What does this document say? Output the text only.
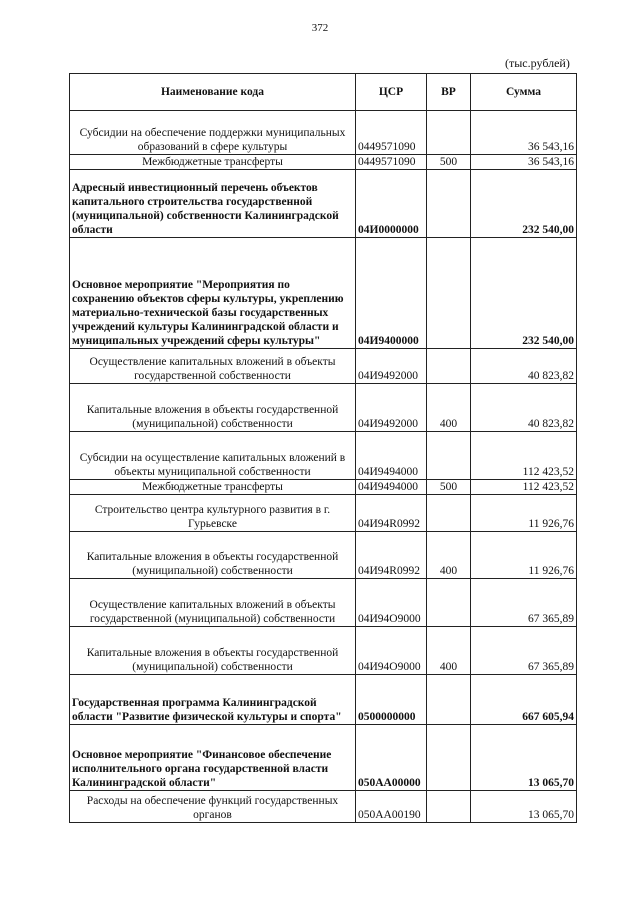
372
(тыс.рублей)
Наименование кода	ЦСР	ВР	Сумма
Субсидии на обеспечение поддержки муниципальных образований в сфере культуры	0449571090		36 543,16
Межбюджетные трансферты	0449571090	500	36 543,16
Адресный инвестиционный перечень объектов капитального строительства государственной (муниципальной) собственности Калининградской области	04И0000000		232 540,00
Основное мероприятие "Мероприятия по сохранению объектов сферы культуры, укреплению материально-технической базы государственных учреждений культуры Калининградской области и муниципальных учреждений сферы культуры"	04И9400000		232 540,00
Осуществление капитальных вложений в объекты государственной собственности	04И9492000		40 823,82
Капитальные вложения в объекты государственной (муниципальной) собственности	04И9492000	400	40 823,82
Субсидии на осуществление капитальных вложений в объекты муниципальной собственности	04И9494000		112 423,52
Межбюджетные трансферты	04И9494000	500	112 423,52
Строительство центра культурного развития в г. Гурьевске	04И94R0992		11 926,76
Капитальные вложения в объекты государственной (муниципальной) собственности	04И94R0992	400	11 926,76
Осуществление капитальных вложений в объекты государственной (муниципальной) собственности	04И94О9000		67 365,89
Капитальные вложения в объекты государственной (муниципальной) собственности	04И94О9000	400	67 365,89
Государственная программа Калининградской области "Развитие физической культуры и спорта"	0500000000		667 605,94
Основное мероприятие "Финансовое обеспечение исполнительного органа государственной власти Калининградской области"	050АА00000		13 065,70
Расходы на обеспечение функций государственных органов	050АА00190		13 065,70
